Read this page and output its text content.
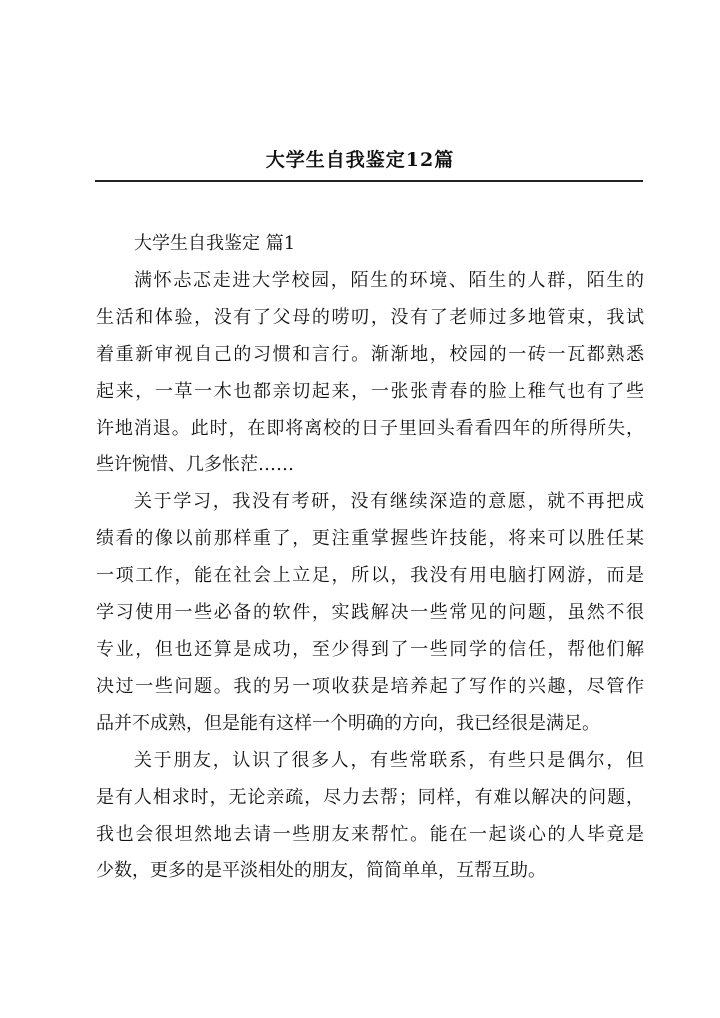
大学生自我鉴定12篇

大学生自我鉴定 篇1

满怀忐忑走进大学校园，陌生的环境、陌生的人群，陌生的
生活和体验，没有了父母的唠叨，没有了老师过多地管束，我试
着重新审视自己的习惯和言行。渐渐地，校园的一砖一瓦都熟悉
起来，一草一木也都亲切起来，一张张青春的脸上稚气也有了些
许地消退。此时，在即将离校的日子里回头看看四年的所得所失，
些许惋惜、几多怅茫……
关于学习，我没有考研，没有继续深造的意愿，就不再把成
绩看的像以前那样重了，更注重掌握些许技能，将来可以胜任某
一项工作，能在社会上立足，所以，我没有用电脑打网游，而是
学习使用一些必备的软件，实践解决一些常见的问题，虽然不很
专业，但也还算是成功，至少得到了一些同学的信任，帮他们解
决过一些问题。我的另一项收获是培养起了写作的兴趣，尽管作
品并不成熟，但是能有这样一个明确的方向，我已经很是满足。
关于朋友，认识了很多人，有些常联系，有些只是偶尔，但
是有人相求时，无论亲疏，尽力去帮；同样，有难以解决的问题，
我也会很坦然地去请一些朋友来帮忙。能在一起谈心的人毕竟是
少数，更多的是平淡相处的朋友，简简单单，互帮互助。
